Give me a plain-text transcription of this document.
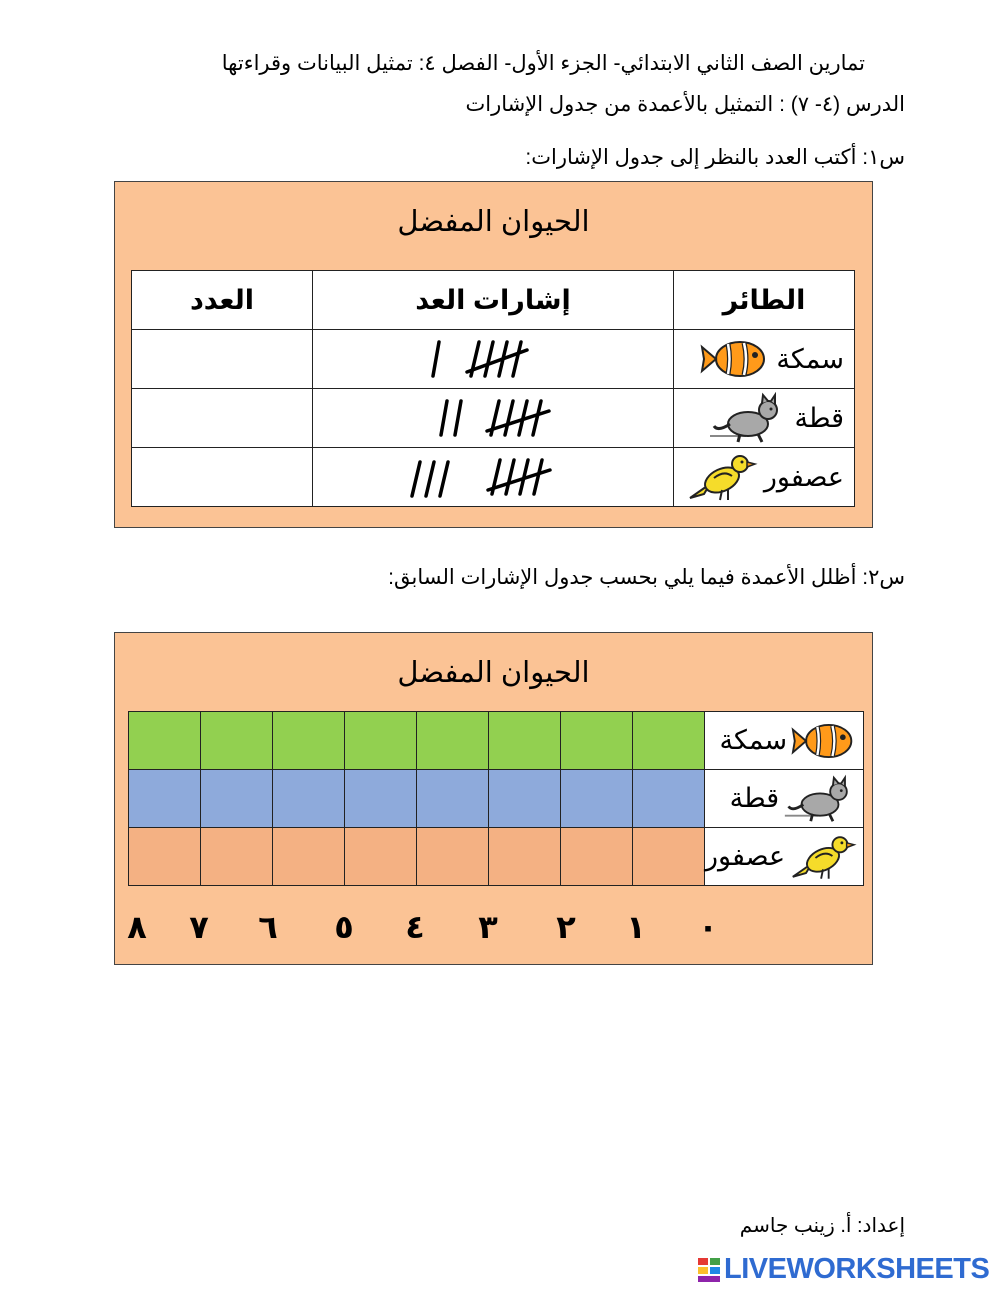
تمارين الصف الثاني الابتدائي- الجزء الأول- الفصل ٤: تمثيل البيانات وقراءتها
الدرس (٤- ٧) : التمثيل بالأعمدة من جدول الإشارات
س١: أكتب العدد بالنظر إلى جدول الإشارات:
الحيوان المفضل
الطائر	إشارات العد	العدد

سمكة

قطة

عصفور

س٢: أظلل الأعمدة فيما يلي بحسب جدول الإشارات السابق:
الحيوان المفضل
سمكة								

قطة								

عصفور								

٠
١
٢
٣
٤
٥
٦
٧
٨
إعداد: أ. زينب جاسم
LIVEWORKSHEETS
